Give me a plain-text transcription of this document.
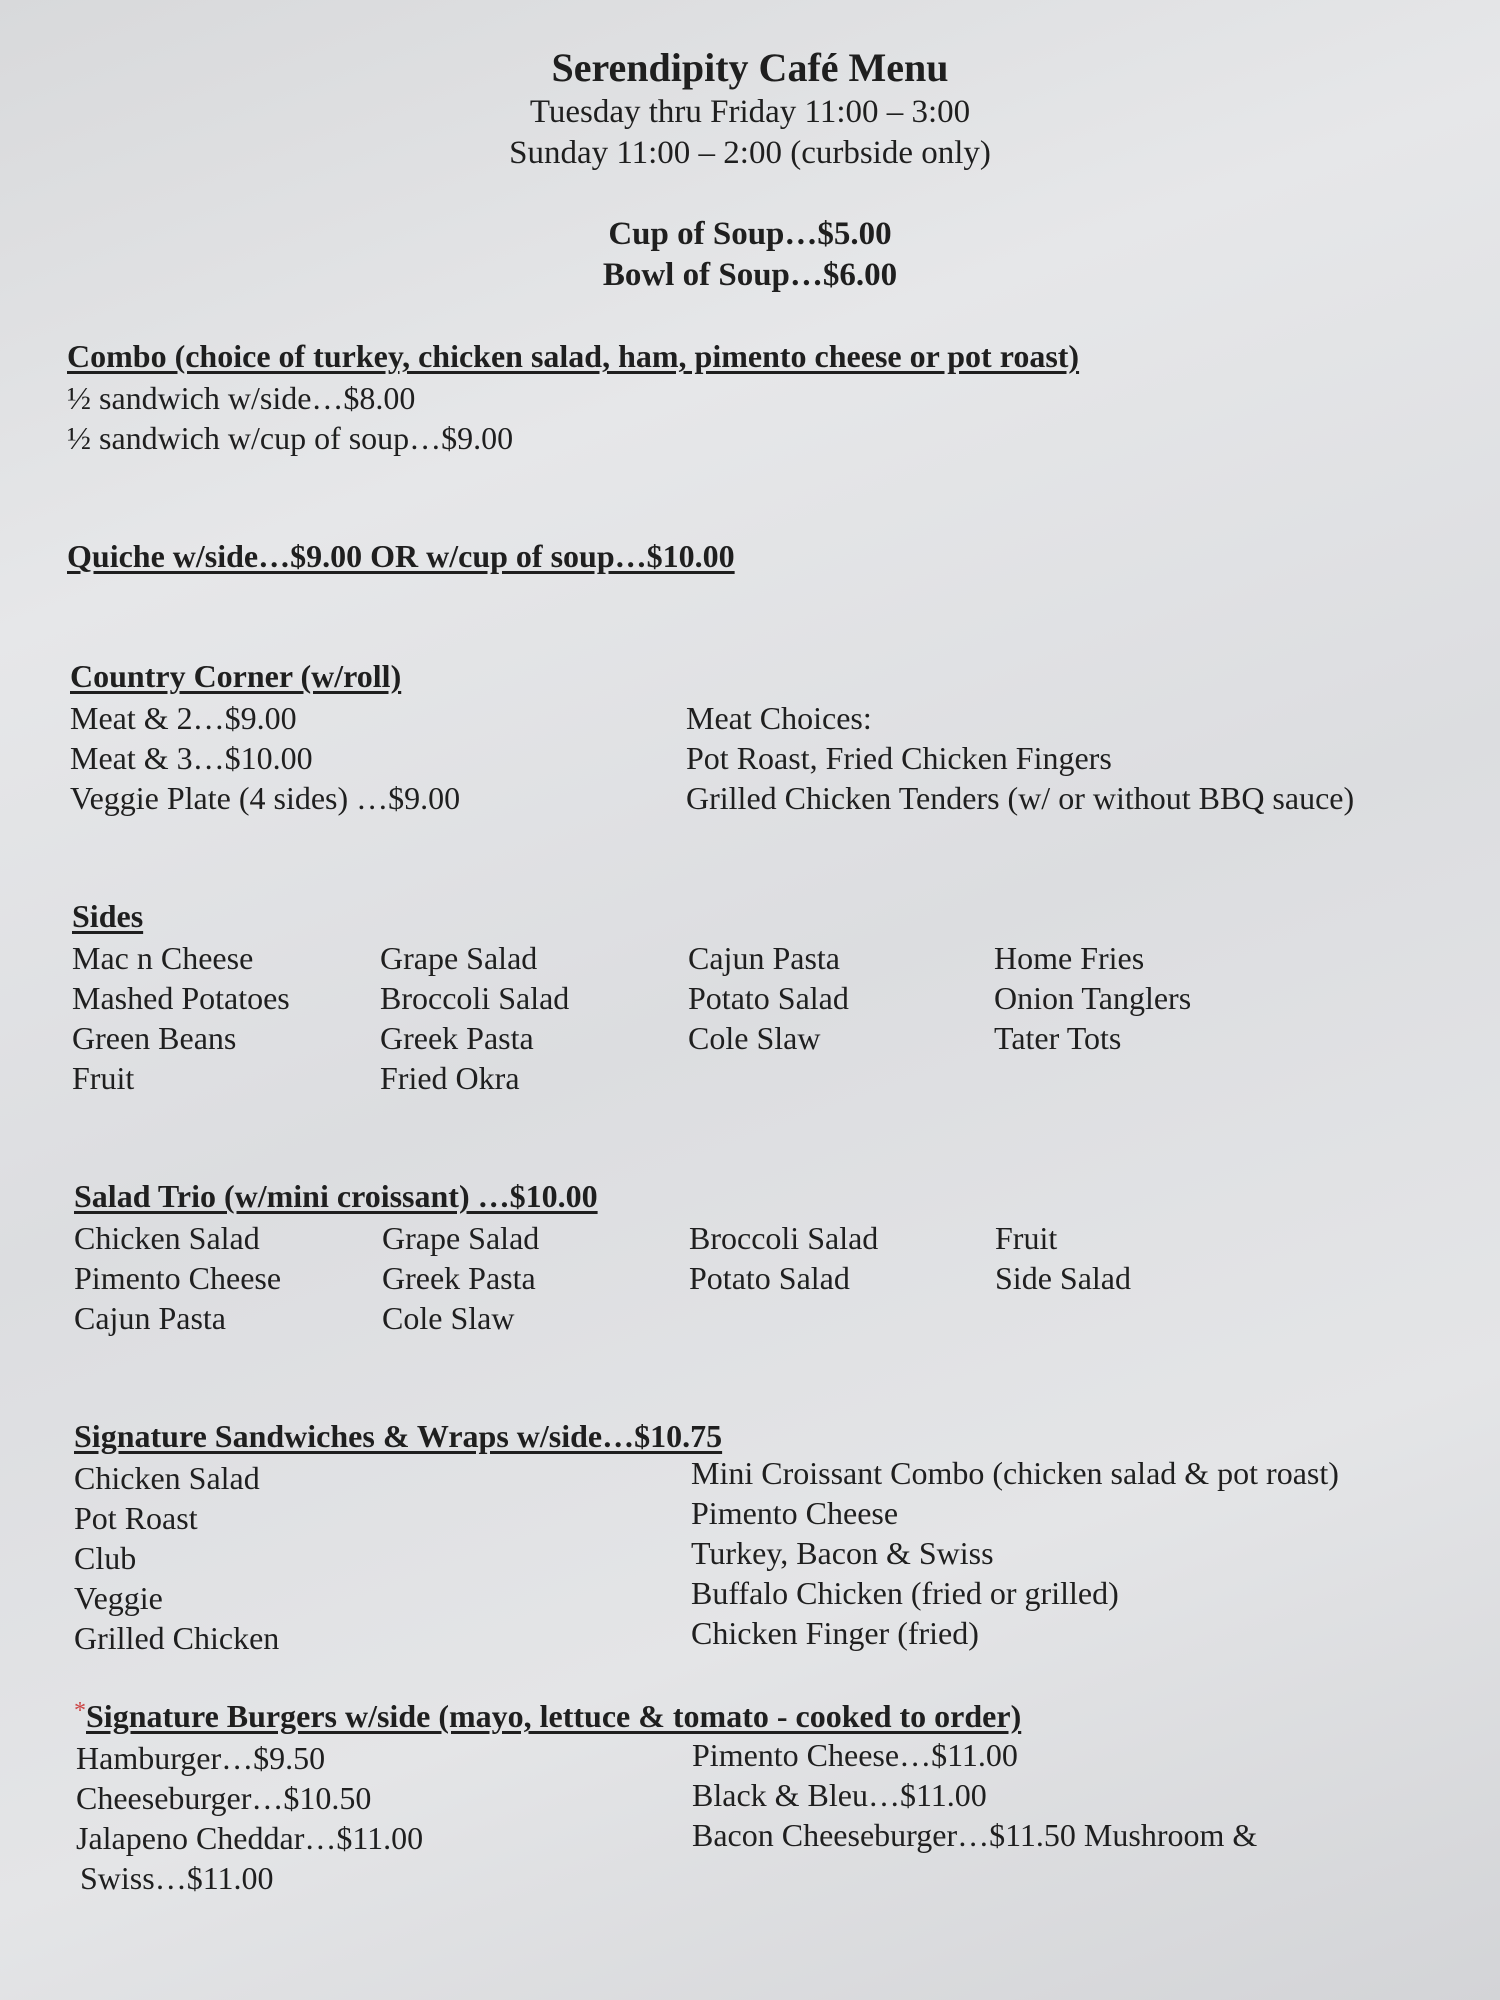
Serendipity Café Menu
Tuesday thru Friday 11:00 – 3:00
Sunday 11:00 – 2:00 (curbside only)
Cup of Soup…$5.00
Bowl of Soup…$6.00
Combo (choice of turkey, chicken salad, ham, pimento cheese or pot roast)
½ sandwich w/side…$8.00
½ sandwich w/cup of soup…$9.00
Quiche w/side…$9.00 OR w/cup of soup…$10.00
Country Corner (w/roll)
Meat & 2…$9.00
Meat & 3…$10.00
Veggie Plate (4 sides) …$9.00
Meat Choices:
Pot Roast, Fried Chicken Fingers
Grilled Chicken Tenders (w/ or without BBQ sauce)
Sides
Mac n Cheese
Mashed Potatoes
Green Beans
Fruit
Grape Salad
Broccoli Salad
Greek Pasta
Fried Okra
Cajun Pasta
Potato Salad
Cole Slaw
Home Fries
Onion Tanglers
Tater Tots
Salad Trio (w/mini croissant) …$10.00
Chicken Salad
Pimento Cheese
Cajun Pasta
Grape Salad
Greek Pasta
Cole Slaw
Broccoli Salad
Potato Salad
Fruit
Side Salad
Signature Sandwiches & Wraps w/side…$10.75
Chicken Salad
Pot Roast
Club
Veggie
Grilled Chicken
Mini Croissant Combo (chicken salad & pot roast)
Pimento Cheese
Turkey, Bacon & Swiss
Buffalo Chicken (fried or grilled)
Chicken Finger (fried)
*Signature Burgers w/side (mayo, lettuce & tomato - cooked to order)
Hamburger…$9.50
Cheeseburger…$10.50
Jalapeno Cheddar…$11.00
Swiss…$11.00
Pimento Cheese…$11.00
Black & Bleu…$11.00
Bacon Cheeseburger…$11.50 Mushroom &
